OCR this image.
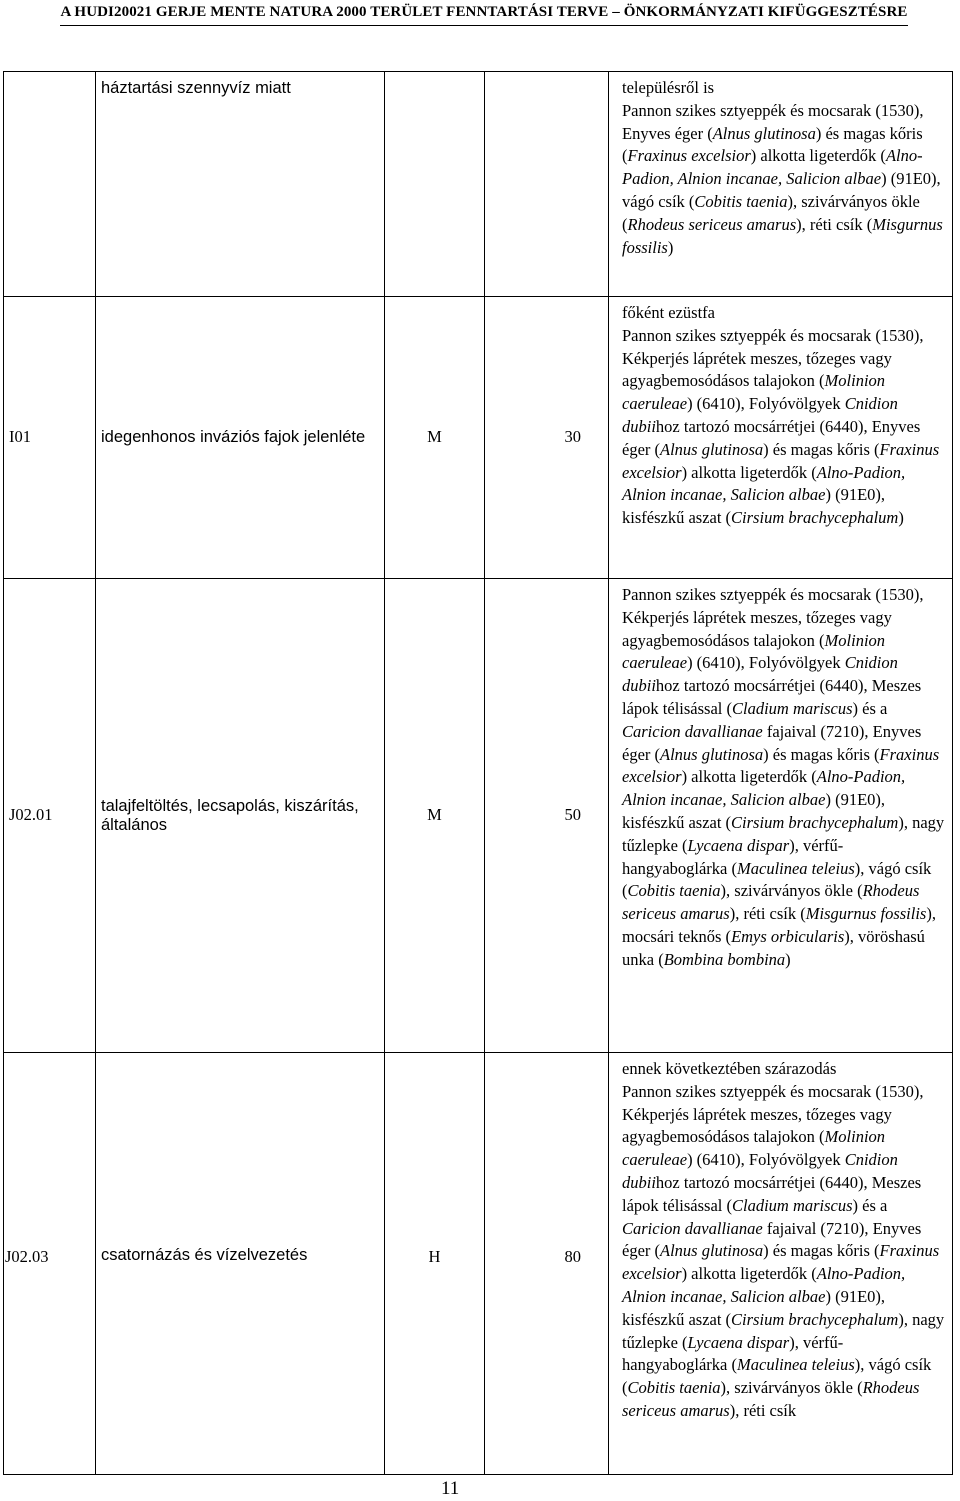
A HUDI20021 GERJE MENTE NATURA 2000 TERÜLET FENNTARTÁSI TERVE – ÖNKORMÁNYZATI KIFÜGGESZTÉSRE
	háztartási szennyvíz miatt			településről is
Pannon szikes sztyeppék és mocsarak (1530), Enyves éger (Alnus glutinosa) és magas kőris (Fraxinus excelsior) alkotta ligeterdők (Alno-Padion, Alnion incanae, Salicion albae) (91E0), vágó csík (Cobitis taenia), szivárványos ökle (Rhodeus sericeus amarus), réti csík (Misgurnus fossilis)
I01	idegenhonos inváziós fajok jelenléte	M	30	főként ezüstfa
Pannon szikes sztyeppék és mocsarak (1530), Kékperjés láprétek meszes, tőzeges vagy agyagbemosódásos talajokon (Molinion caeruleae) (6410), Folyóvölgyek Cnidion dubiihoz tartozó mocsárrétjei (6440), Enyves éger (Alnus glutinosa) és magas kőris (Fraxinus excelsior) alkotta ligeterdők (Alno-Padion, Alnion incanae, Salicion albae) (91E0), kisfészkű aszat (Cirsium brachycephalum)
J02.01	talajfeltöltés, lecsapolás, kiszárítás, általános	M	50	Pannon szikes sztyeppék és mocsarak (1530), Kékperjés láprétek meszes, tőzeges vagy agyagbemosódásos talajokon (Molinion caeruleae) (6410), Folyóvölgyek Cnidion dubiihoz tartozó mocsárrétjei (6440), Meszes lápok télisással (Cladium mariscus) és a Caricion davallianae fajaival (7210), Enyves éger (Alnus glutinosa) és magas kőris (Fraxinus excelsior) alkotta ligeterdők (Alno-Padion, Alnion incanae, Salicion albae) (91E0), kisfészkű aszat (Cirsium brachycephalum), nagy tűzlepke (Lycaena dispar), vérfű-hangyaboglárka (Maculinea teleius), vágó csík (Cobitis taenia), szivárványos ökle (Rhodeus sericeus amarus), réti csík (Misgurnus fossilis), mocsári teknős (Emys orbicularis), vöröshasú unka (Bombina bombina)

J02.03	csatornázás és vízelvezetés	H	80	ennek következtében szárazodás
Pannon szikes sztyeppék és mocsarak (1530), Kékperjés láprétek meszes, tőzeges vagy agyagbemosódásos talajokon (Molinion caeruleae) (6410), Folyóvölgyek Cnidion dubiihoz tartozó mocsárrétjei (6440), Meszes lápok télisással (Cladium mariscus) és a Caricion davallianae fajaival (7210), Enyves éger (Alnus glutinosa) és magas kőris (Fraxinus excelsior) alkotta ligeterdők (Alno-Padion, Alnion incanae, Salicion albae) (91E0), kisfészkű aszat (Cirsium brachycephalum), nagy tűzlepke (Lycaena dispar), vérfű-hangyaboglárka (Maculinea teleius), vágó csík (Cobitis taenia), szivárványos ökle (Rhodeus sericeus amarus), réti csík
11
